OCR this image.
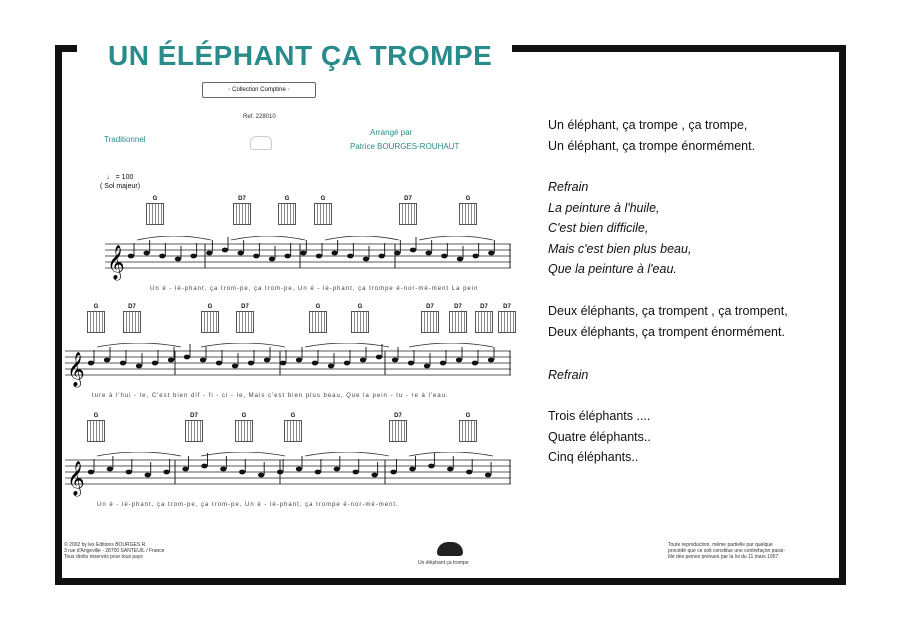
UN ÉLÉPHANT ÇA TROMPE
◦ Collection Comptine ◦
Ref. 228010
Traditionnel
Arrangé par
Patrice BOURGES-ROUHAUT
♩ = 100
( Sol majeur)
G	D7	G	G	D7	G
G	D7	G	D7	G	G	D7	D7	D7	D7
G	D7	G	G	D7	G
𝄞
𝄞
𝄞
Un é - lé-phant, ça trom-pe, ça trom-pe, Un é - lé-phant, ça trompe é-nor-mé-ment La pein
ture à l'hui - le, C'est bien dif - fi - ci - le, Mais c'est bien plus beau, Que la pein - tu - re à l'eau.
Un é - lé-phant, ça trom-pe, ça trom-pe, Un é - lé-phant, ça trompe é-nor-mé-ment.
Un éléphant, ça trompe , ça trompe,
Un éléphant, ça trompe énormément.
Refrain
La peinture à l'huile,
C'est bien difficile,
Mais c'est bien plus beau,
Que la peinture à l'eau.
Deux éléphants, ça trompent , ça trompent,
Deux éléphants, ça trompent énormément.
Refrain
Trois éléphants ....
Quatre éléphants..
Cinq éléphants..
© 2002 by les Editions BOURGES R.
3 rue d'Angeville - 28700 SANTEUIL / France
Tous droits réservés pour tous pays
Un éléphant ça trompe
Toute reproduction, même partielle par quelque
procédé que ce soit constitue une contrefaçon passi-
ble des peines prévues par la loi du 11 mars 1957
